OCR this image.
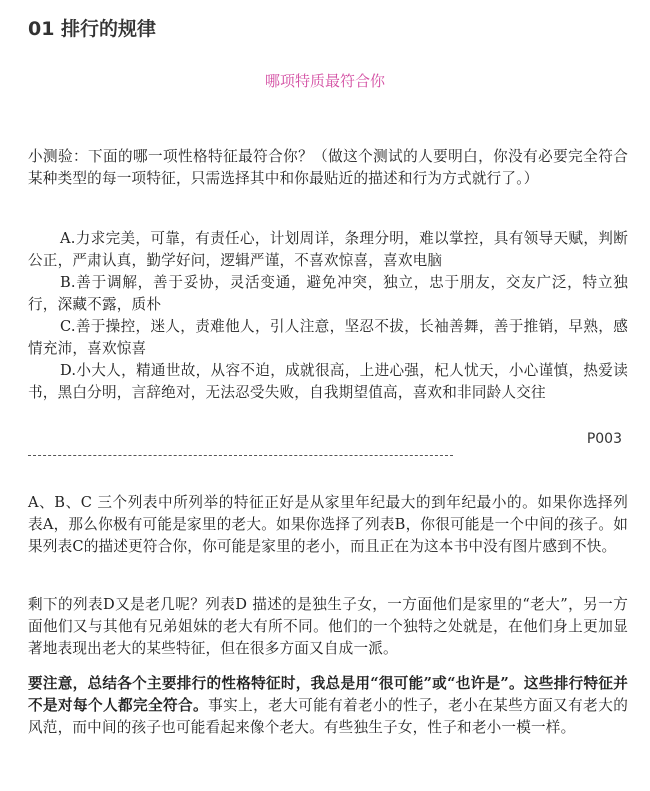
01 排行的规律
哪项特质最符合你

小测验：下面的哪一项性格特征最符合你？（做这个测试的人要明白，你没有必要完全符合某种类型的每一项特征，只需选择其中和你最贴近的描述和行为方式就行了。）

A.力求完美，可靠，有责任心，计划周详，条理分明，难以掌控，具有领导天赋，判断公正，严肃认真，勤学好问，逻辑严谨，不喜欢惊喜，喜欢电脑
B.善于调解，善于妥协，灵活变通，避免冲突，独立，忠于朋友，交友广泛，特立独行，深藏不露，质朴
C.善于操控，迷人，责难他人，引人注意，坚忍不拔，长袖善舞，善于推销，早熟，感情充沛，喜欢惊喜
D.小大人，精通世故，从容不迫，成就很高，上进心强，杞人忧天，小心谨慎，热爱读书，黑白分明，言辞绝对，无法忍受失败，自我期望值高，喜欢和非同龄人交往
P003

A、B、C 三个列表中所列举的特征正好是从家里年纪最大的到年纪最小的。如果你选择列表A，那么你极有可能是家里的老大。如果你选择了列表B，你很可能是一个中间的孩子。如果列表C的描述更符合你，你可能是家里的老小，而且正在为这本书中没有图片感到不快。

剩下的列表D又是老几呢？列表D 描述的是独生子女，一方面他们是家里的“老大”，另一方面他们又与其他有兄弟姐妹的老大有所不同。他们的一个独特之处就是，在他们身上更加显著地表现出老大的某些特征，但在很多方面又自成一派。

要注意，总结各个主要排行的性格特征时，我总是用“很可能”或“也许是”。这些排行特征并不是对每个人都完全符合。事实上，老大可能有着老小的性子，老小在某些方面又有老大的风范，而中间的孩子也可能看起来像个老大。有些独生子女，性子和老小一模一样。
